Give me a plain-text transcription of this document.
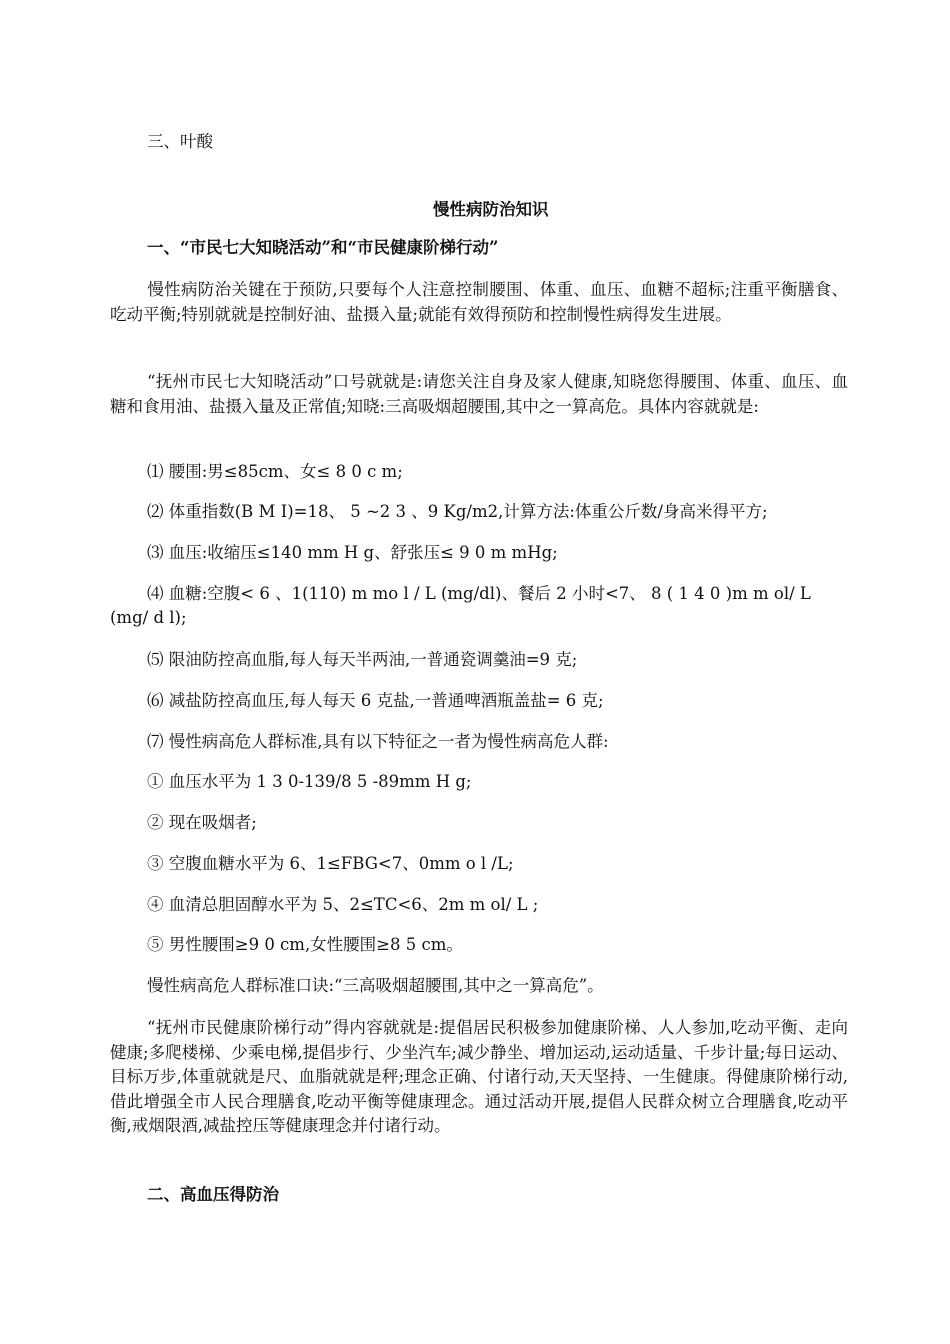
三、叶酸
慢性病防治知识
一、“市民七大知晓活动”和“市民健康阶梯行动”
慢性病防治关键在于预防,只要每个人注意控制腰围、体重、血压、血糖不超标;注重平衡膳食、吃动平衡;特别就就是控制好油、盐摄入量;就能有效得预防和控制慢性病得发生进展。
“抚州市民七大知晓活动”口号就就是:请您关注自身及家人健康,知晓您得腰围、体重、血压、血糖和食用油、盐摄入量及正常值;知晓:三高吸烟超腰围,其中之一算高危。具体内容就就是:
⑴ 腰围:男≤85cm、女≤ 8 0 c m;
⑵ 体重指数(B M I)=18、 5 ~2 3 、9 Kg/m2,计算方法:体重公斤数/身高米得平方;
⑶ 血压:收缩压≤140 mm H g、舒张压≤ 9 0 m mHg;
⑷ 血糖:空腹< 6 、1(110) m mo l / L (mg/dl)、餐后 2 小时<7、 8 ( 1 4 0 )m m ol/ L
(mg/ d l);
⑸ 限油防控高血脂,每人每天半两油,一普通瓷调羹油=9 克;
⑹ 减盐防控高血压,每人每天 6 克盐,一普通啤酒瓶盖盐= 6 克;
⑺ 慢性病高危人群标准,具有以下特征之一者为慢性病高危人群:
① 血压水平为 1 3 0-139/8 5 -89mm H g;
② 现在吸烟者;
③ 空腹血糖水平为 6、1≤FBG<7、0mm o l /L;
④ 血清总胆固醇水平为 5、2≤TC<6、2m m ol/ L ;
⑤ 男性腰围≥9 0 cm,女性腰围≥8 5 cm。
慢性病高危人群标准口诀:“三高吸烟超腰围,其中之一算高危”。
“抚州市民健康阶梯行动”得内容就就是:提倡居民积极参加健康阶梯、人人参加,吃动平衡、走向健康;多爬楼梯、少乘电梯,提倡步行、少坐汽车;减少静坐、增加运动,运动适量、千步计量;每日运动、目标万步,体重就就是尺、血脂就就是秤;理念正确、付诸行动,天天坚持、一生健康。得健康阶梯行动,借此增强全市人民合理膳食,吃动平衡等健康理念。通过活动开展,提倡人民群众树立合理膳食,吃动平衡,戒烟限酒,减盐控压等健康理念并付诸行动。
二、高血压得防治
